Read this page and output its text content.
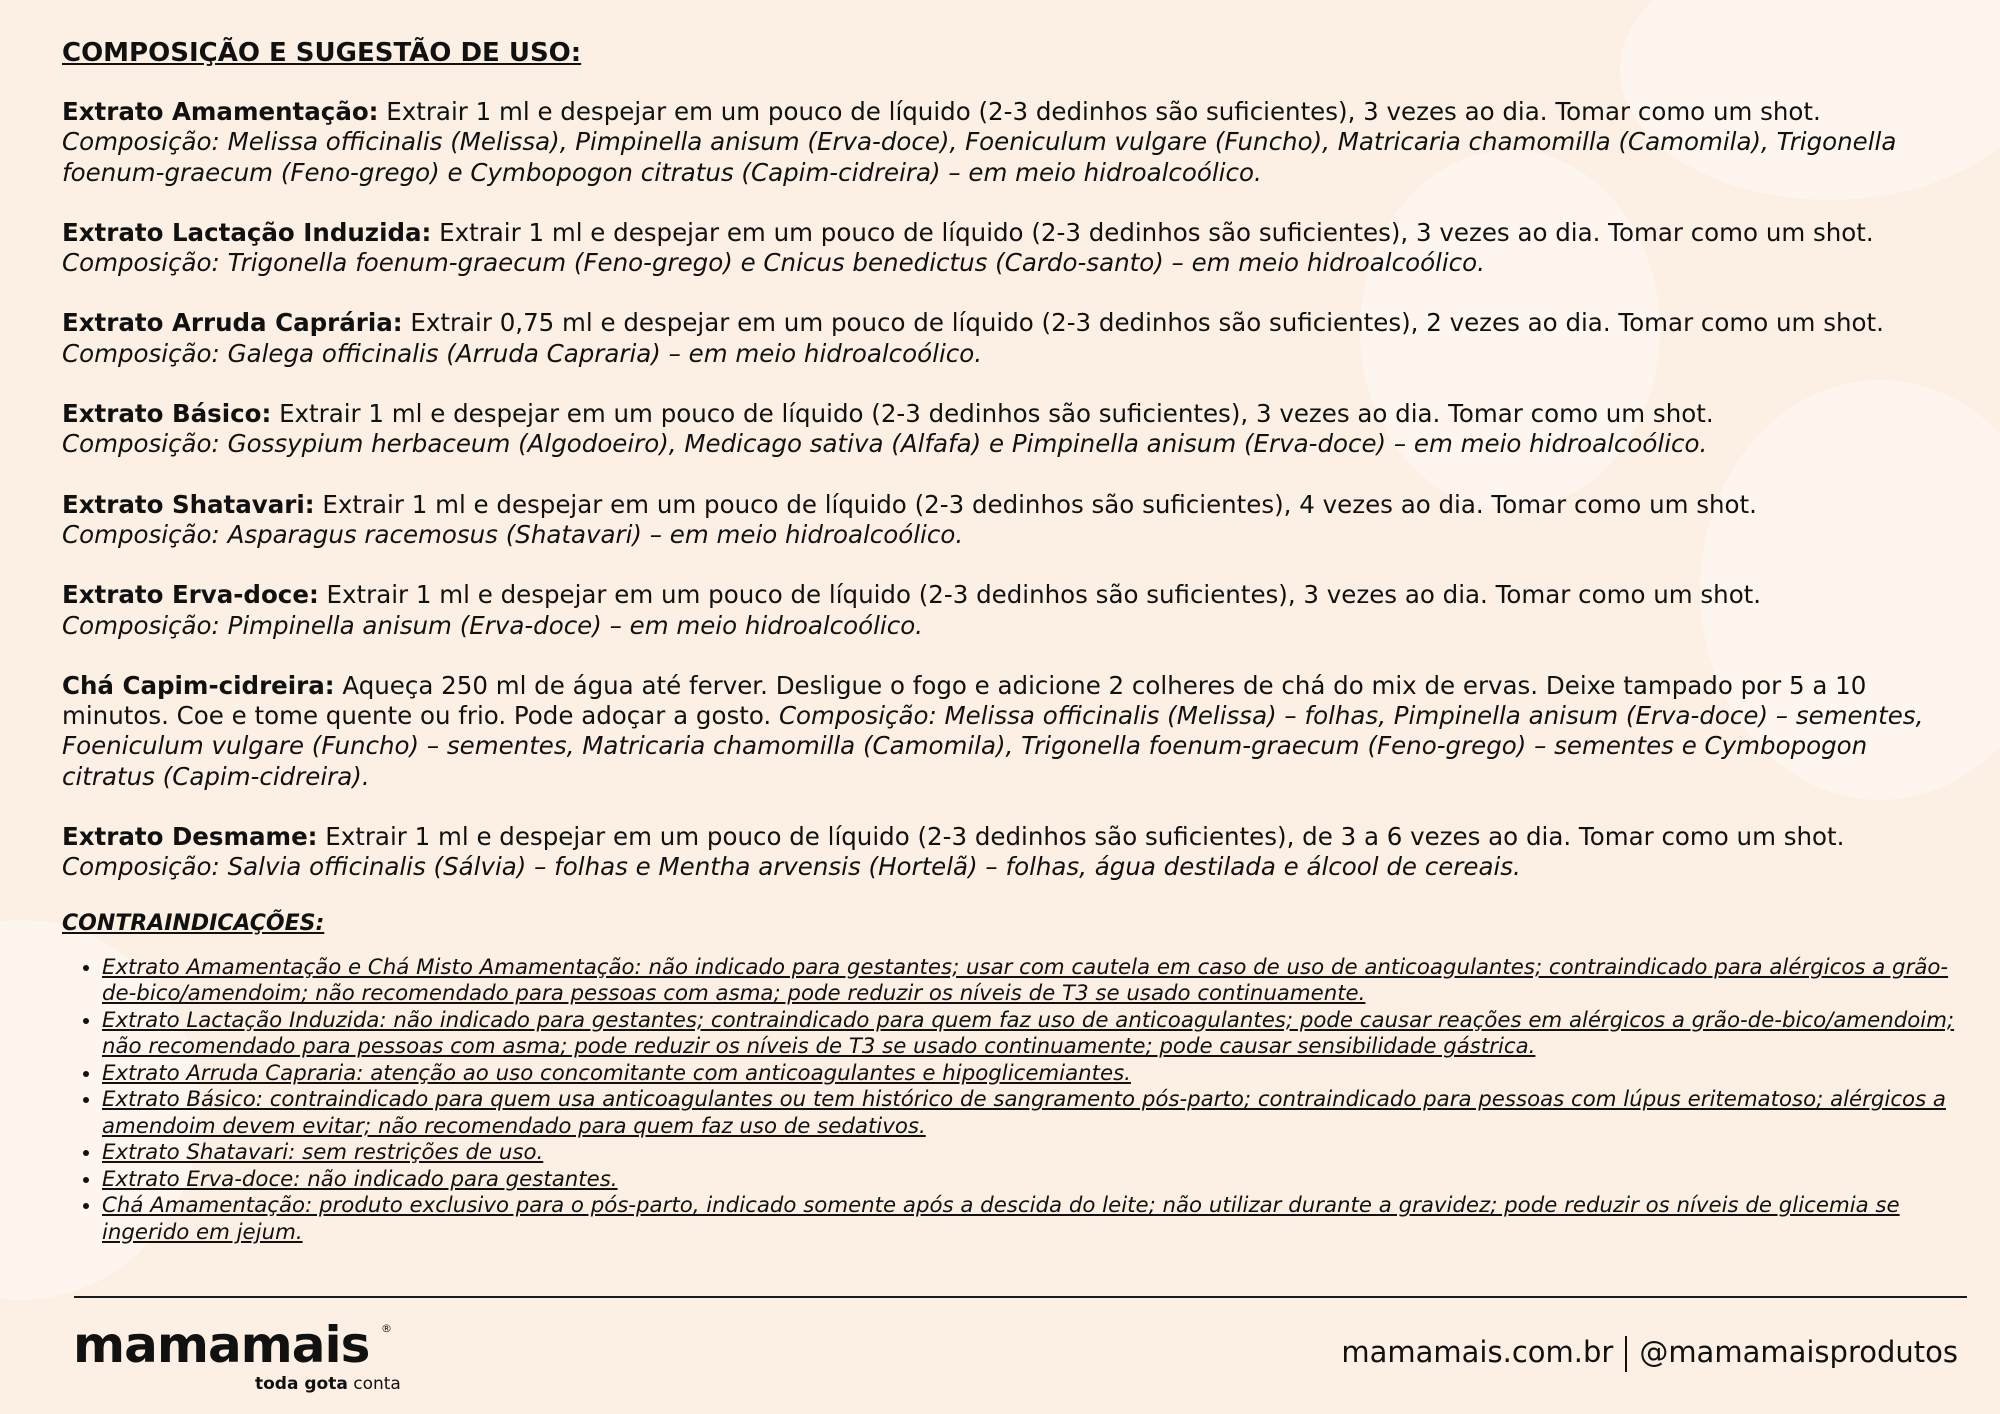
COMPOSIÇÃO E SUGESTÃO DE USO:
Extrato Amamentação: Extrair 1 ml e despejar em um pouco de líquido (2-3 dedinhos são suficientes), 3 vezes ao dia. Tomar como um shot.
Composição: Melissa officinalis (Melissa), Pimpinella anisum (Erva-doce), Foeniculum vulgare (Funcho), Matricaria chamomilla (Camomila), Trigonella foenum-graecum (Feno-grego) e Cymbopogon citratus (Capim-cidreira) – em meio hidroalcoólico.
Extrato Lactação Induzida: Extrair 1 ml e despejar em um pouco de líquido (2-3 dedinhos são suficientes), 3 vezes ao dia. Tomar como um shot.
Composição: Trigonella foenum-graecum (Feno-grego) e Cnicus benedictus (Cardo-santo) – em meio hidroalcoólico.
Extrato Arruda Caprária: Extrair 0,75 ml e despejar em um pouco de líquido (2-3 dedinhos são suficientes), 2 vezes ao dia. Tomar como um shot.
Composição: Galega officinalis (Arruda Capraria) – em meio hidroalcoólico.
Extrato Básico: Extrair 1 ml e despejar em um pouco de líquido (2-3 dedinhos são suficientes), 3 vezes ao dia. Tomar como um shot.
Composição: Gossypium herbaceum (Algodoeiro), Medicago sativa (Alfafa) e Pimpinella anisum (Erva-doce) – em meio hidroalcoólico.
Extrato Shatavari: Extrair 1 ml e despejar em um pouco de líquido (2-3 dedinhos são suficientes), 4 vezes ao dia. Tomar como um shot.
Composição: Asparagus racemosus (Shatavari) – em meio hidroalcoólico.
Extrato Erva-doce: Extrair 1 ml e despejar em um pouco de líquido (2-3 dedinhos são suficientes), 3 vezes ao dia. Tomar como um shot.
Composição: Pimpinella anisum (Erva-doce) – em meio hidroalcoólico.
Chá Capim-cidreira: Aqueça 250 ml de água até ferver. Desligue o fogo e adicione 2 colheres de chá do mix de ervas. Deixe tampado por 5 a 10 minutos. Coe e tome quente ou frio. Pode adoçar a gosto. Composição: Melissa officinalis (Melissa) – folhas, Pimpinella anisum (Erva-doce) – sementes, Foeniculum vulgare (Funcho) – sementes, Matricaria chamomilla (Camomila), Trigonella foenum-graecum (Feno-grego) – sementes e Cymbopogon citratus (Capim-cidreira).
Extrato Desmame: Extrair 1 ml e despejar em um pouco de líquido (2-3 dedinhos são suficientes), de 3 a 6 vezes ao dia. Tomar como um shot.
Composição: Salvia officinalis (Sálvia) – folhas e Mentha arvensis (Hortelã) – folhas, água destilada e álcool de cereais.
CONTRAINDICAÇÕES:
• Extrato Amamentação e Chá Misto Amamentação: não indicado para gestantes; usar com cautela em caso de uso de anticoagulantes; contraindicado para alérgicos a grão-de-bico/amendoim; não recomendado para pessoas com asma; pode reduzir os níveis de T3 se usado continuamente.
• Extrato Lactação Induzida: não indicado para gestantes; contraindicado para quem faz uso de anticoagulantes; pode causar reações em alérgicos a grão-de-bico/amendoim; não recomendado para pessoas com asma; pode reduzir os níveis de T3 se usado continuamente; pode causar sensibilidade gástrica.
• Extrato Arruda Capraria: atenção ao uso concomitante com anticoagulantes e hipoglicemiantes.
• Extrato Básico: contraindicado para quem usa anticoagulantes ou tem histórico de sangramento pós-parto; contraindicado para pessoas com lúpus eritematoso; alérgicos a amendoim devem evitar; não recomendado para quem faz uso de sedativos.
• Extrato Shatavari: sem restrições de uso.
• Extrato Erva-doce: não indicado para gestantes.
• Chá Amamentação: produto exclusivo para o pós-parto, indicado somente após a descida do leite; não utilizar durante a gravidez; pode reduzir os níveis de glicemia se ingerido em jejum.
mamamais	®
toda gota conta
mamamais.com.br @mamamaisprodutos
